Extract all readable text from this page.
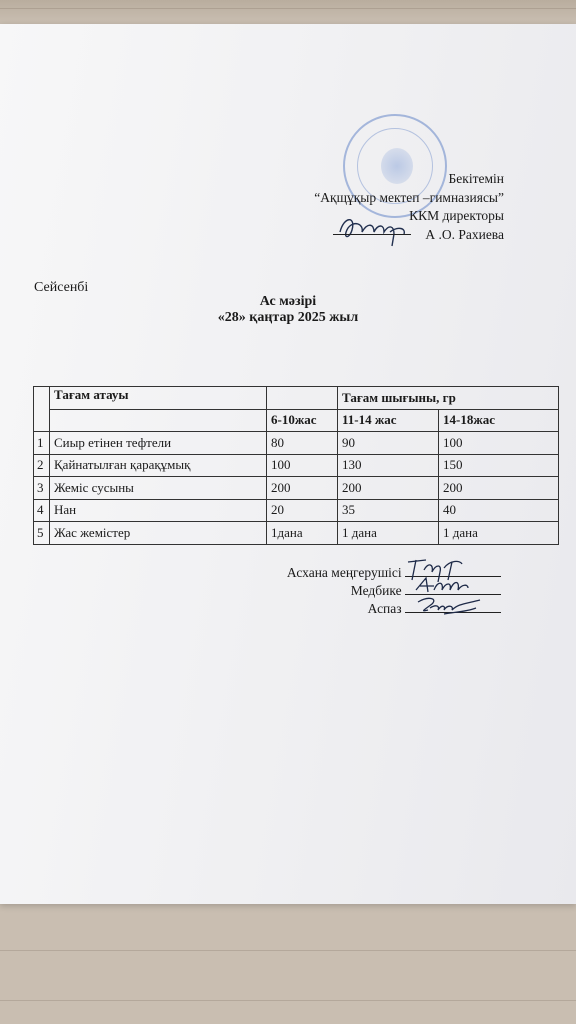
Бекітемін
“Ақщұқыр мектеп –гимназиясы”
ККМ директоры
А .О. Рахиева
Сейсенбі
Ас мәзірі
«28» қаңтар 2025 жыл
	Тағам атауы		Тағам шығыны, гр	
		6-10жас	11-14 жас	14-18жас
1	Сиыр етінен тефтели	80	90	100
2	Қайнатылған қарақұмық	100	130	150
3	Жеміс сусыны	200	200	200
4	Нан	20	35	40
5	Жас жемістер	1дана	1 дана	1 дана
Асхана меңгерушісі
Медбике
Аспаз
